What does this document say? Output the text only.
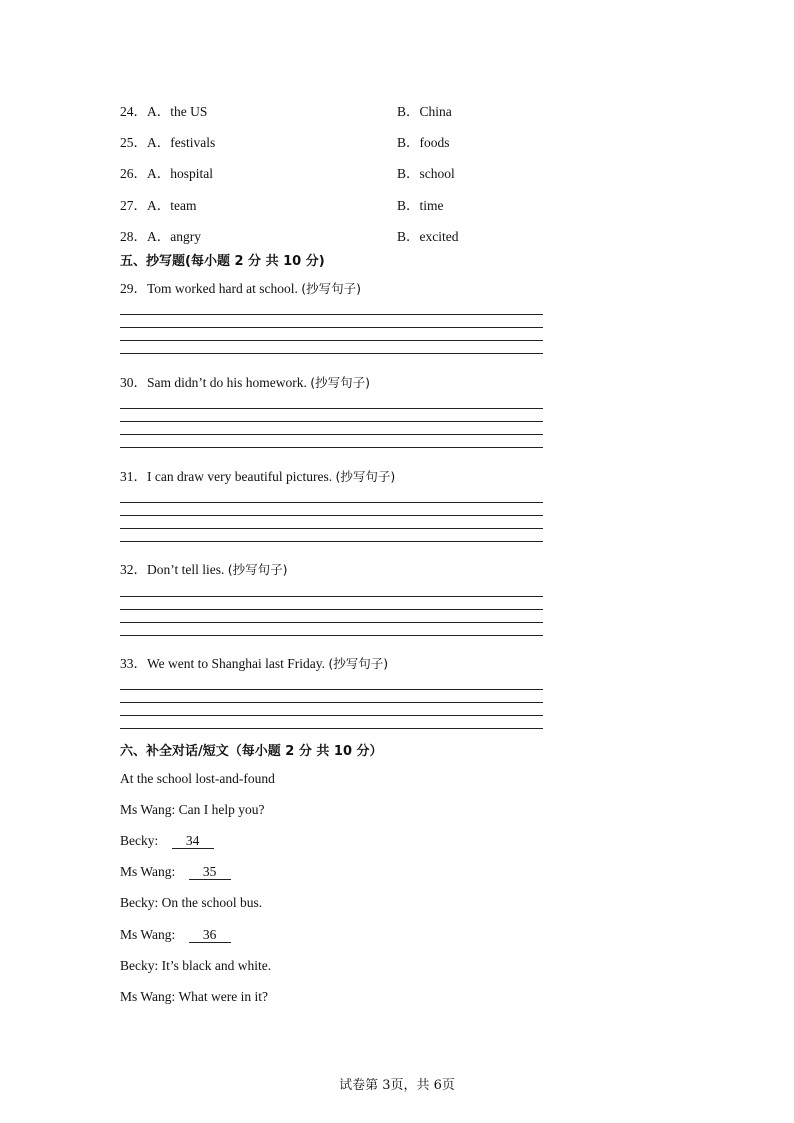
24．A．the US	B．China
25．A．festivals	B．foods
26．A．hospital	B．school
27．A．team	B．time
28．A．angry	B．excited
五、抄写题(每小题 2 分 共 10 分)
29．Tom worked hard at school. (抄写句子)
30．Sam didn’t do his homework. (抄写句子)
31．I can draw very beautiful pictures. (抄写句子)
32．Don’t tell lies. (抄写句子)
33．We went to Shanghai last Friday. (抄写句子)
六、补全对话/短文（每小题 2 分 共 10 分）
At the school lost-and-found
Ms Wang: Can I help you?
Becky: 34
Ms Wang: 35
Becky: On the school bus.
Ms Wang: 36
Becky: It’s black and white.
Ms Wang: What were in it?
试卷第 3页，共 6页
